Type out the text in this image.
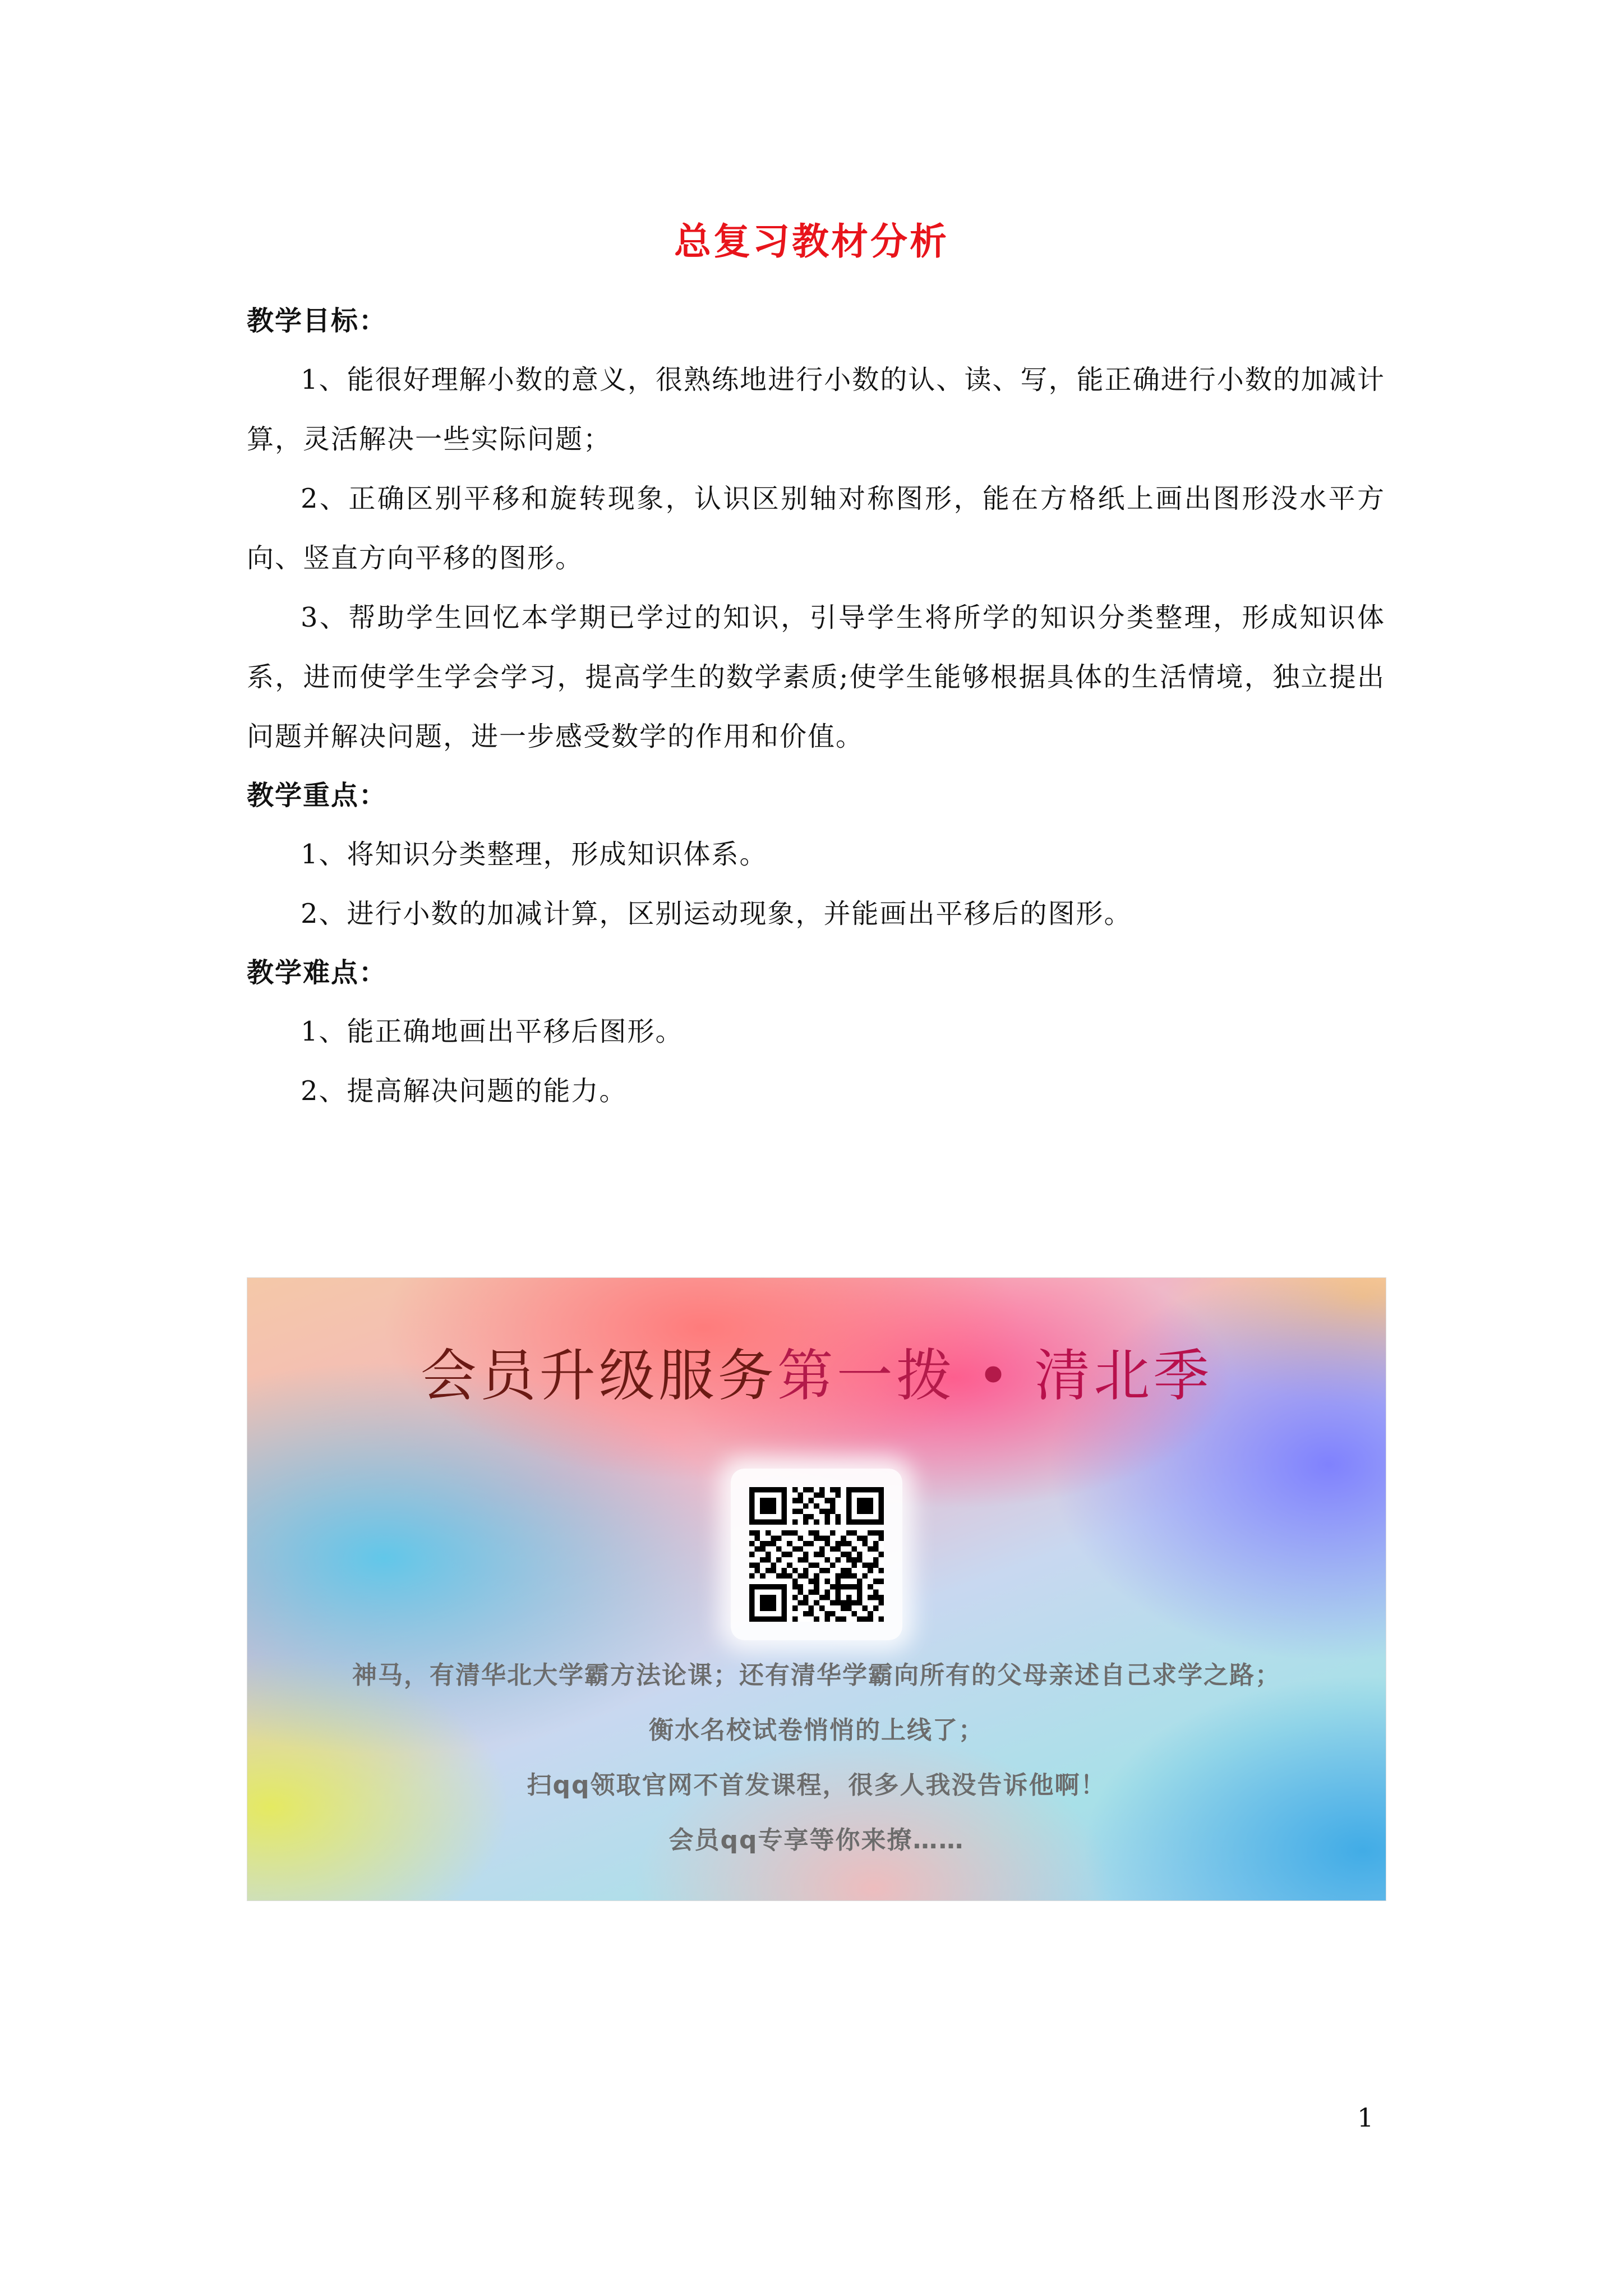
总复习教材分析

教学目标：

1、能很好理解小数的意义，很熟练地进行小数的认、读、写，能正确进行小数的加减计算，灵活解决一些实际问题；

2、正确区别平移和旋转现象，认识区别轴对称图形，能在方格纸上画出图形没水平方向、竖直方向平移的图形。

3、帮助学生回忆本学期已学过的知识，引导学生将所学的知识分类整理，形成知识体系，进而使学生学会学习，提高学生的数学素质;使学生能够根据具体的生活情境，独立提出问题并解决问题，进一步感受数学的作用和价值。

教学重点：

1、将知识分类整理，形成知识体系。

2、进行小数的加减计算，区别运动现象，并能画出平移后的图形。

教学难点：

1、能正确地画出平移后图形。

2、提高解决问题的能力。

会员升级服务第一拨 • 清北季
神马，有清华北大学霸方法论课；还有清华学霸向所有的父母亲述自己求学之路；
衡水名校试卷悄悄的上线了；
扫qq领取官网不首发课程，很多人我没告诉他啊！
会员qq专享等你来撩……
1
